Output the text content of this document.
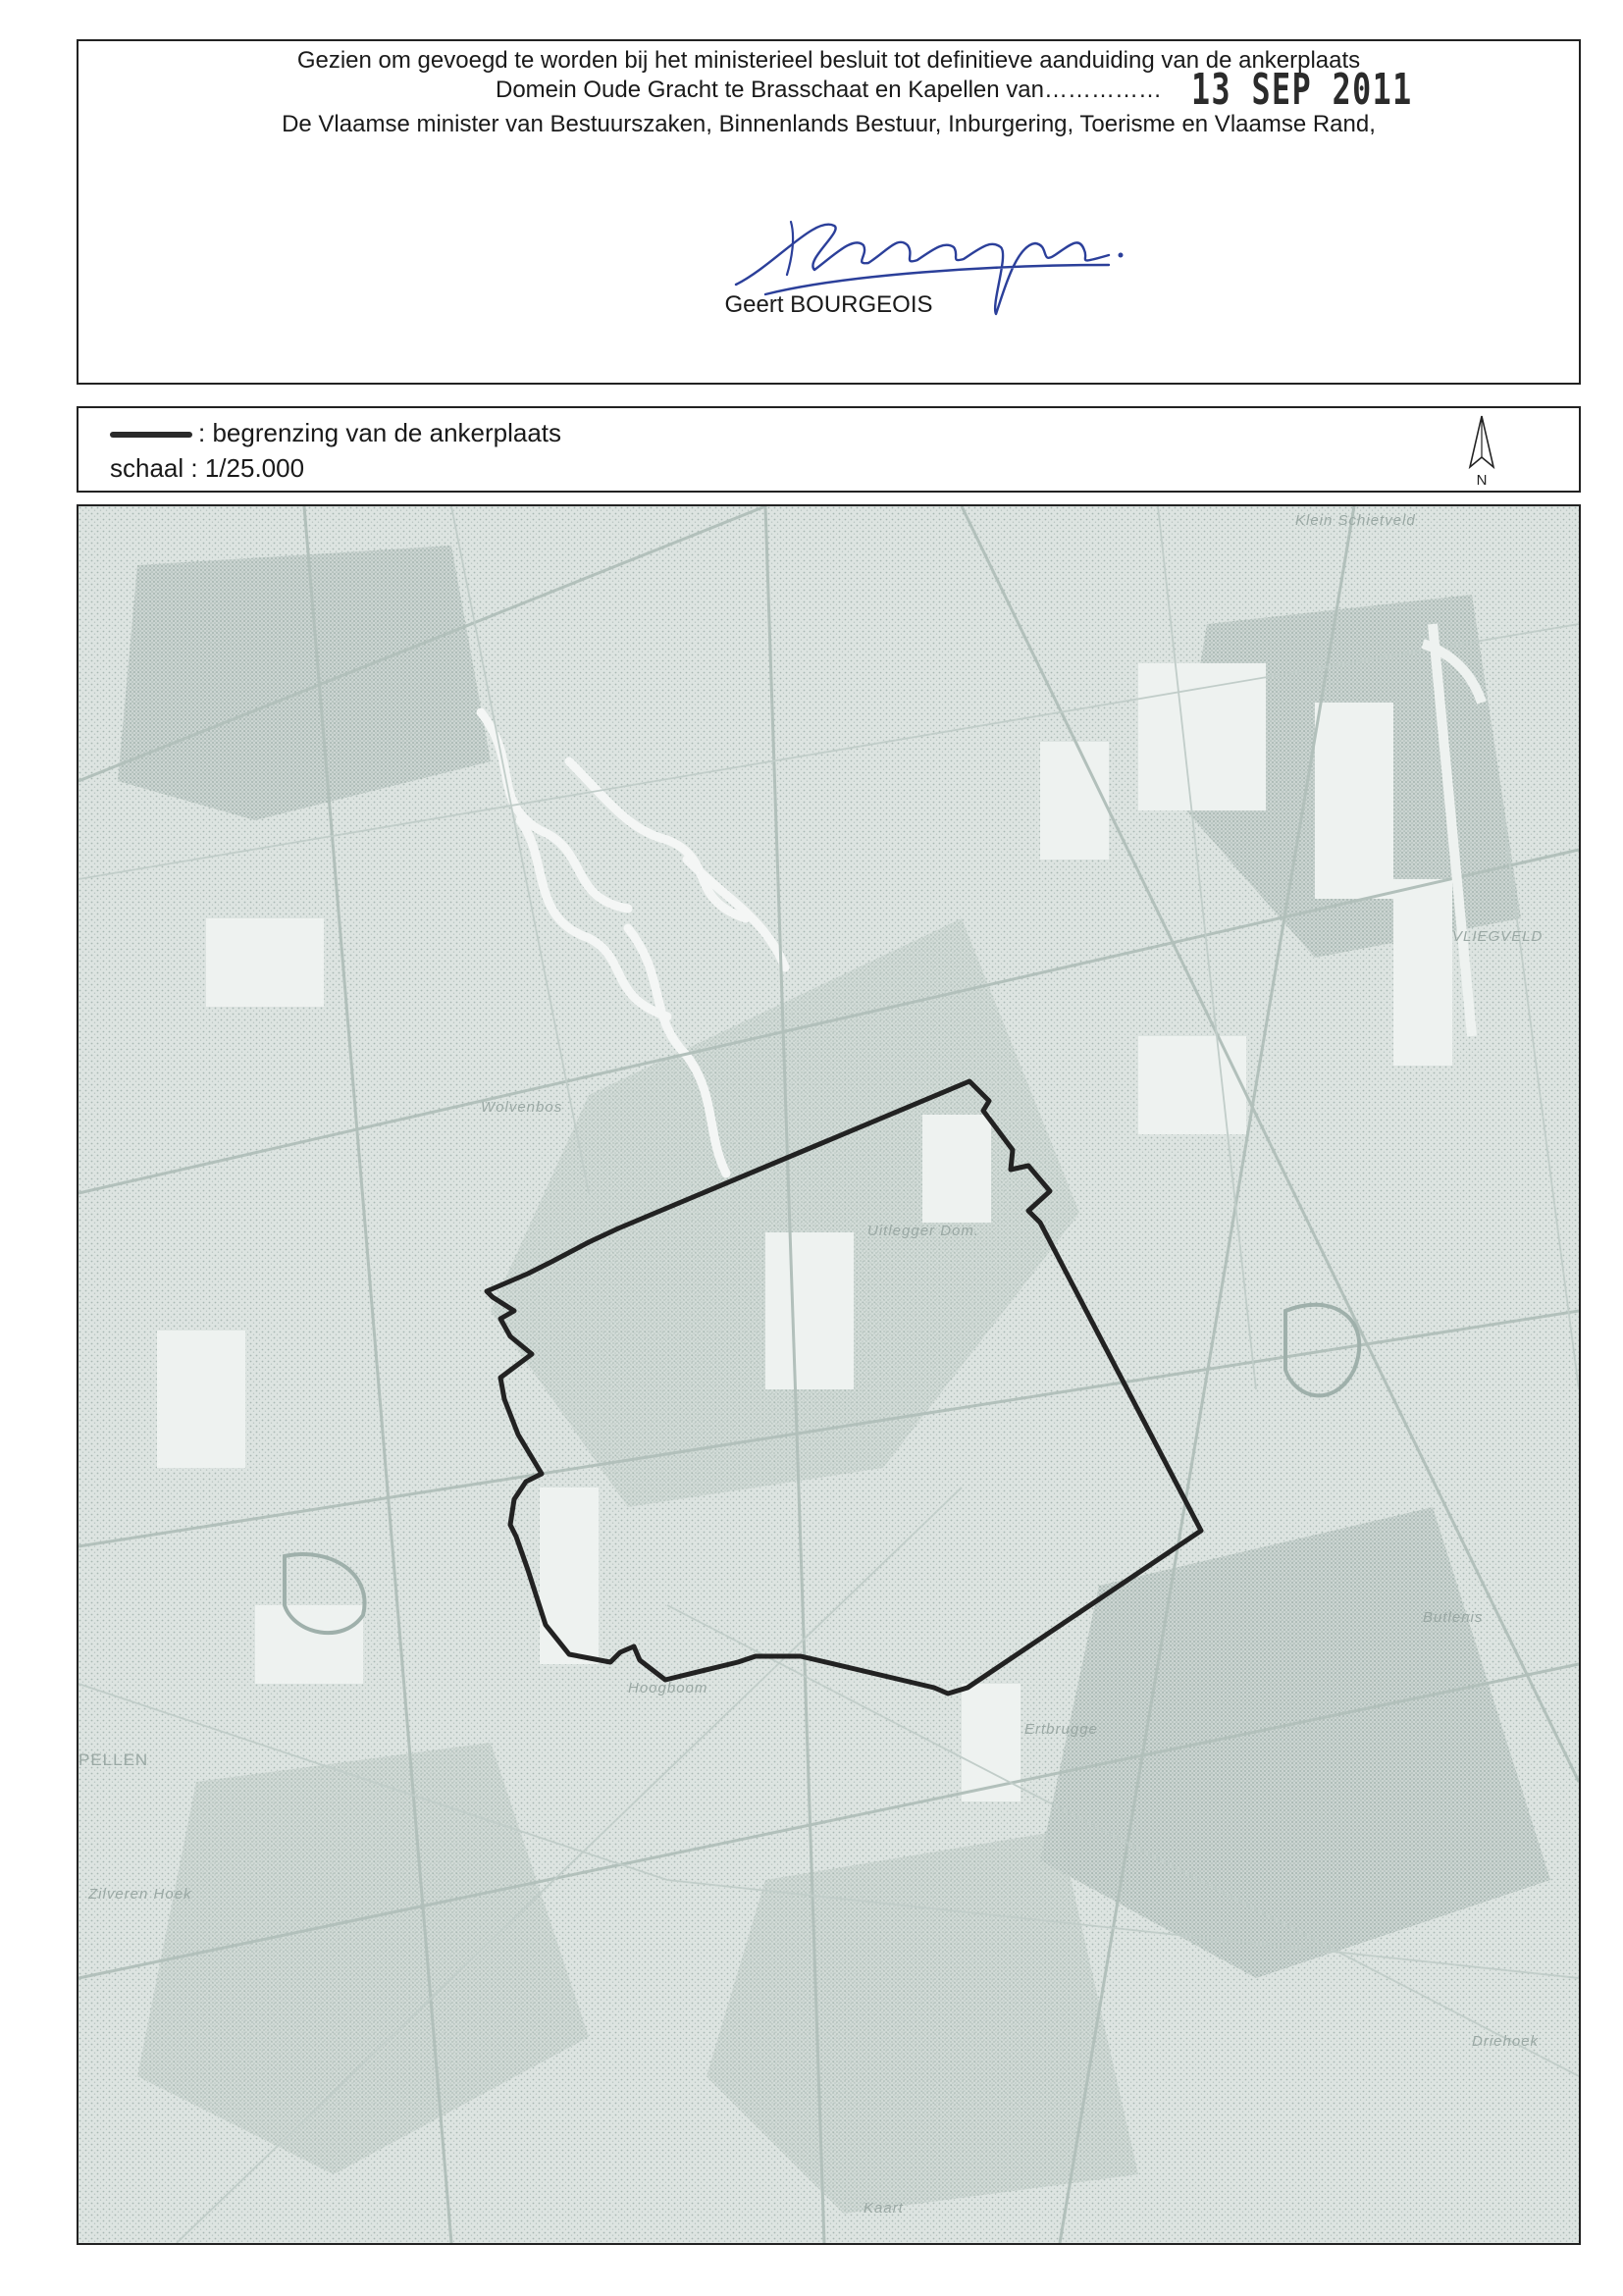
Gezien om gevoegd te worden bij het ministerieel besluit tot definitieve aanduiding van de ankerplaats
Domein Oude Gracht te Brasschaat en Kapellen van…………… 13 SEP 2011
De Vlaamse minister van Bestuurszaken, Binnenlands Bestuur, Inburgering, Toerisme en Vlaamse Rand,
Geert BOURGEOIS
: begrenzing van de ankerplaats
schaal : 1/25.000	N
Klein Schietveld
VLIEGVELD
Wolvenbos
Uitlegger Dom.
Butlenis
Hoogboom
PELLEN
Ertbrugge
Zilveren Hoek
Kaart
Driehoek
